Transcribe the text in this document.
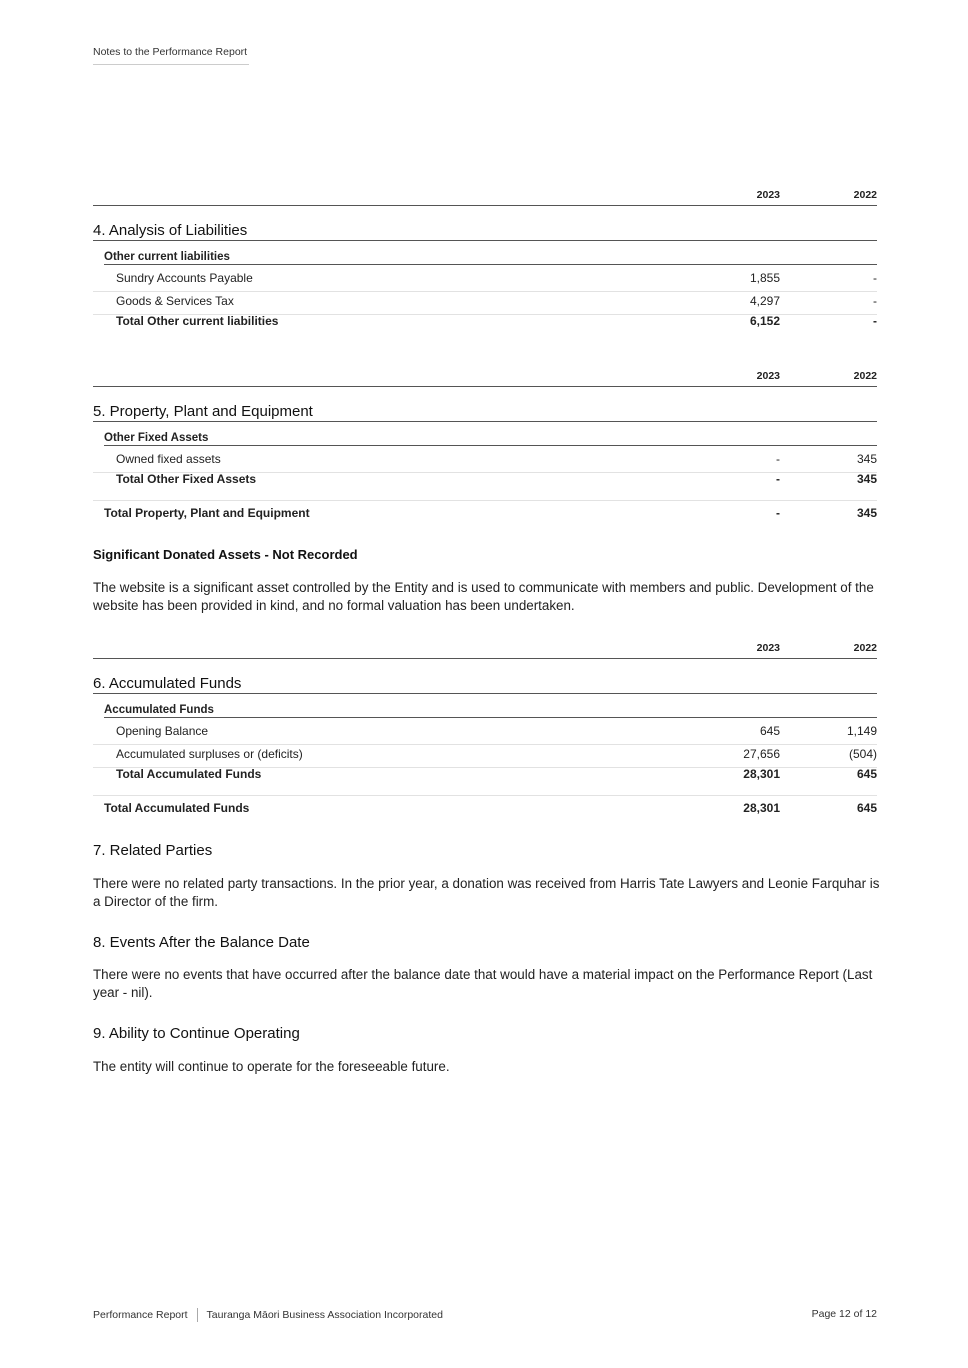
Notes to the Performance Report
2023	2022
4. Analysis of Liabilities
Other current liabilities
Sundry Accounts Payable	1,855	-
Goods & Services Tax	4,297	-
Total Other current liabilities	6,152	-
2023	2022
5. Property, Plant and Equipment
Other Fixed Assets
Owned fixed assets	-	345
Total Other Fixed Assets	-	345
Total Property, Plant and Equipment	-	345
Significant Donated Assets - Not Recorded
The website is a significant asset controlled by the Entity and is used to communicate with members and public. Development of the website has been provided in kind, and no formal valuation has been undertaken.
2023	2022
6. Accumulated Funds
Accumulated Funds
Opening Balance	645	1,149
Accumulated surpluses or (deficits)	27,656	(504)
Total Accumulated Funds	28,301	645
Total Accumulated Funds	28,301	645
7. Related Parties
There were no related party transactions. In the prior year, a donation was received from Harris Tate Lawyers and Leonie Farquhar is a Director of the firm.
8. Events After the Balance Date
There were no events that have occurred after the balance date that would have a material impact on the Performance Report (Last year - nil).
9. Ability to Continue Operating
The entity will continue to operate for the foreseeable future.
Performance Report Tauranga Māori Business Association Incorporated	Page 12 of 12
